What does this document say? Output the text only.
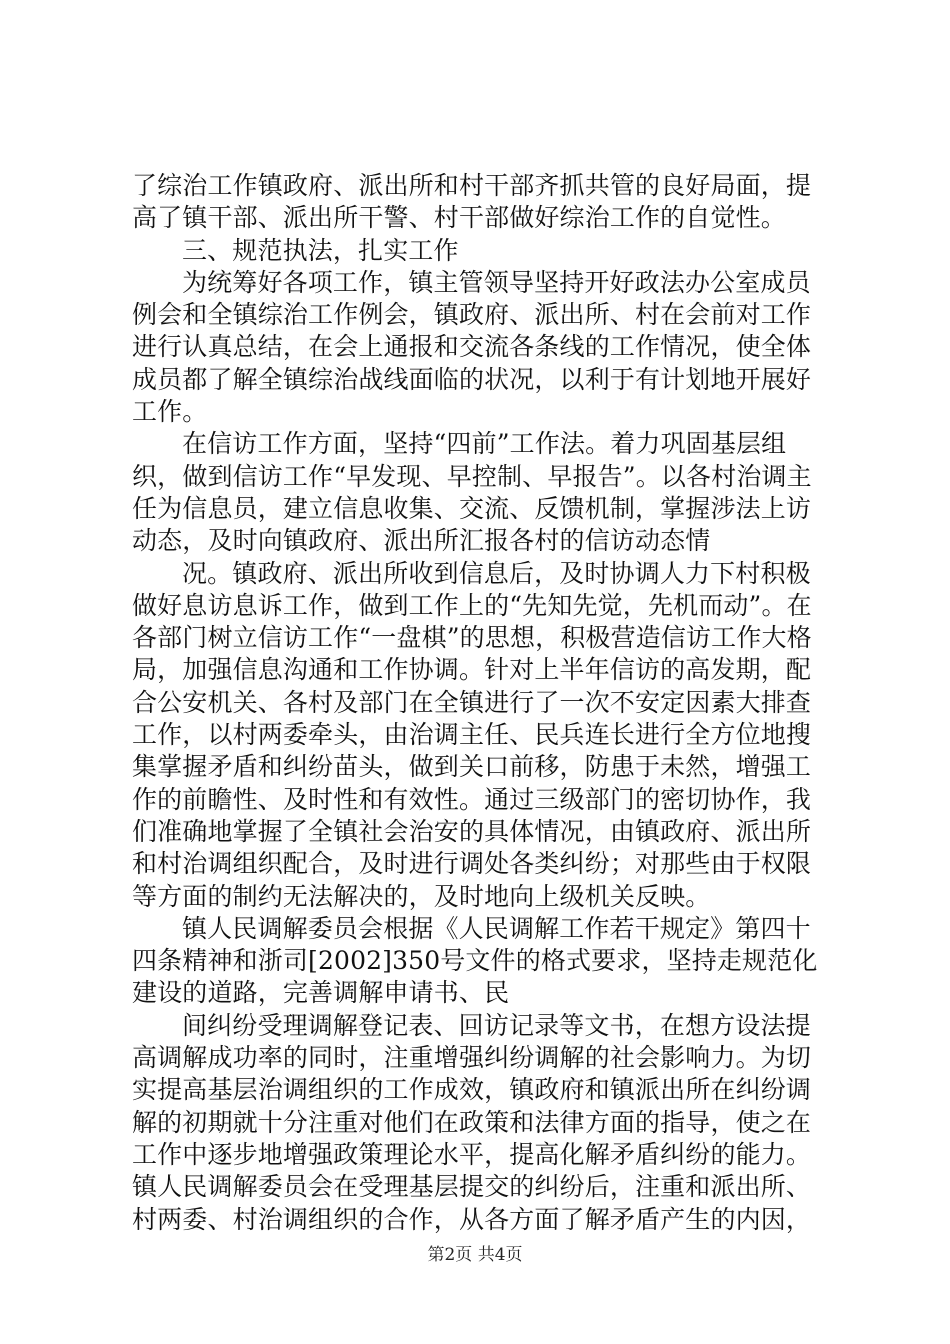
了综治工作镇政府、派出所和村干部齐抓共管的良好局面，提高了镇干部、派出所干警、村干部做好综治工作的自觉性。

三、规范执法，扎实工作

为统筹好各项工作，镇主管领导坚持开好政法办公室成员例会和全镇综治工作例会，镇政府、派出所、村在会前对工作进行认真总结，在会上通报和交流各条线的工作情况，使全体成员都了解全镇综治战线面临的状况，以利于有计划地开展好工作。

在信访工作方面，坚持“四前”工作法。着力巩固基层组织，做到信访工作“早发现、早控制、早报告”。以各村治调主任为信息员，建立信息收集、交流、反馈机制，掌握涉法上访动态，及时向镇政府、派出所汇报各村的信访动态情

况。镇政府、派出所收到信息后，及时协调人力下村积极做好息访息诉工作，做到工作上的“先知先觉，先机而动”。在各部门树立信访工作“一盘棋”的思想，积极营造信访工作大格局，加强信息沟通和工作协调。针对上半年信访的高发期，配合公安机关、各村及部门在全镇进行了一次不安定因素大排查工作，以村两委牵头，由治调主任、民兵连长进行全方位地搜集掌握矛盾和纠纷苗头，做到关口前移，防患于未然，增强工作的前瞻性、及时性和有效性。通过三级部门的密切协作，我们准确地掌握了全镇社会治安的具体情况，由镇政府、派出所和村治调组织配合，及时进行调处各类纠纷；对那些由于权限等方面的制约无法解决的，及时地向上级机关反映。

镇人民调解委员会根据《人民调解工作若干规定》第四十四条精神和浙司[2002]350号文件的格式要求，坚持走规范化建设的道路，完善调解申请书、民

间纠纷受理调解登记表、回访记录等文书，在想方设法提高调解成功率的同时，注重增强纠纷调解的社会影响力。为切实提高基层治调组织的工作成效，镇政府和镇派出所在纠纷调解的初期就十分注重对他们在政策和法律方面的指导，使之在工作中逐步地增强政策理论水平，提高化解矛盾纠纷的能力。镇人民调解委员会在受理基层提交的纠纷后，注重和派出所、村两委、村治调组织的合作，从各方面了解矛盾产生的内因，

第2页 共4页
